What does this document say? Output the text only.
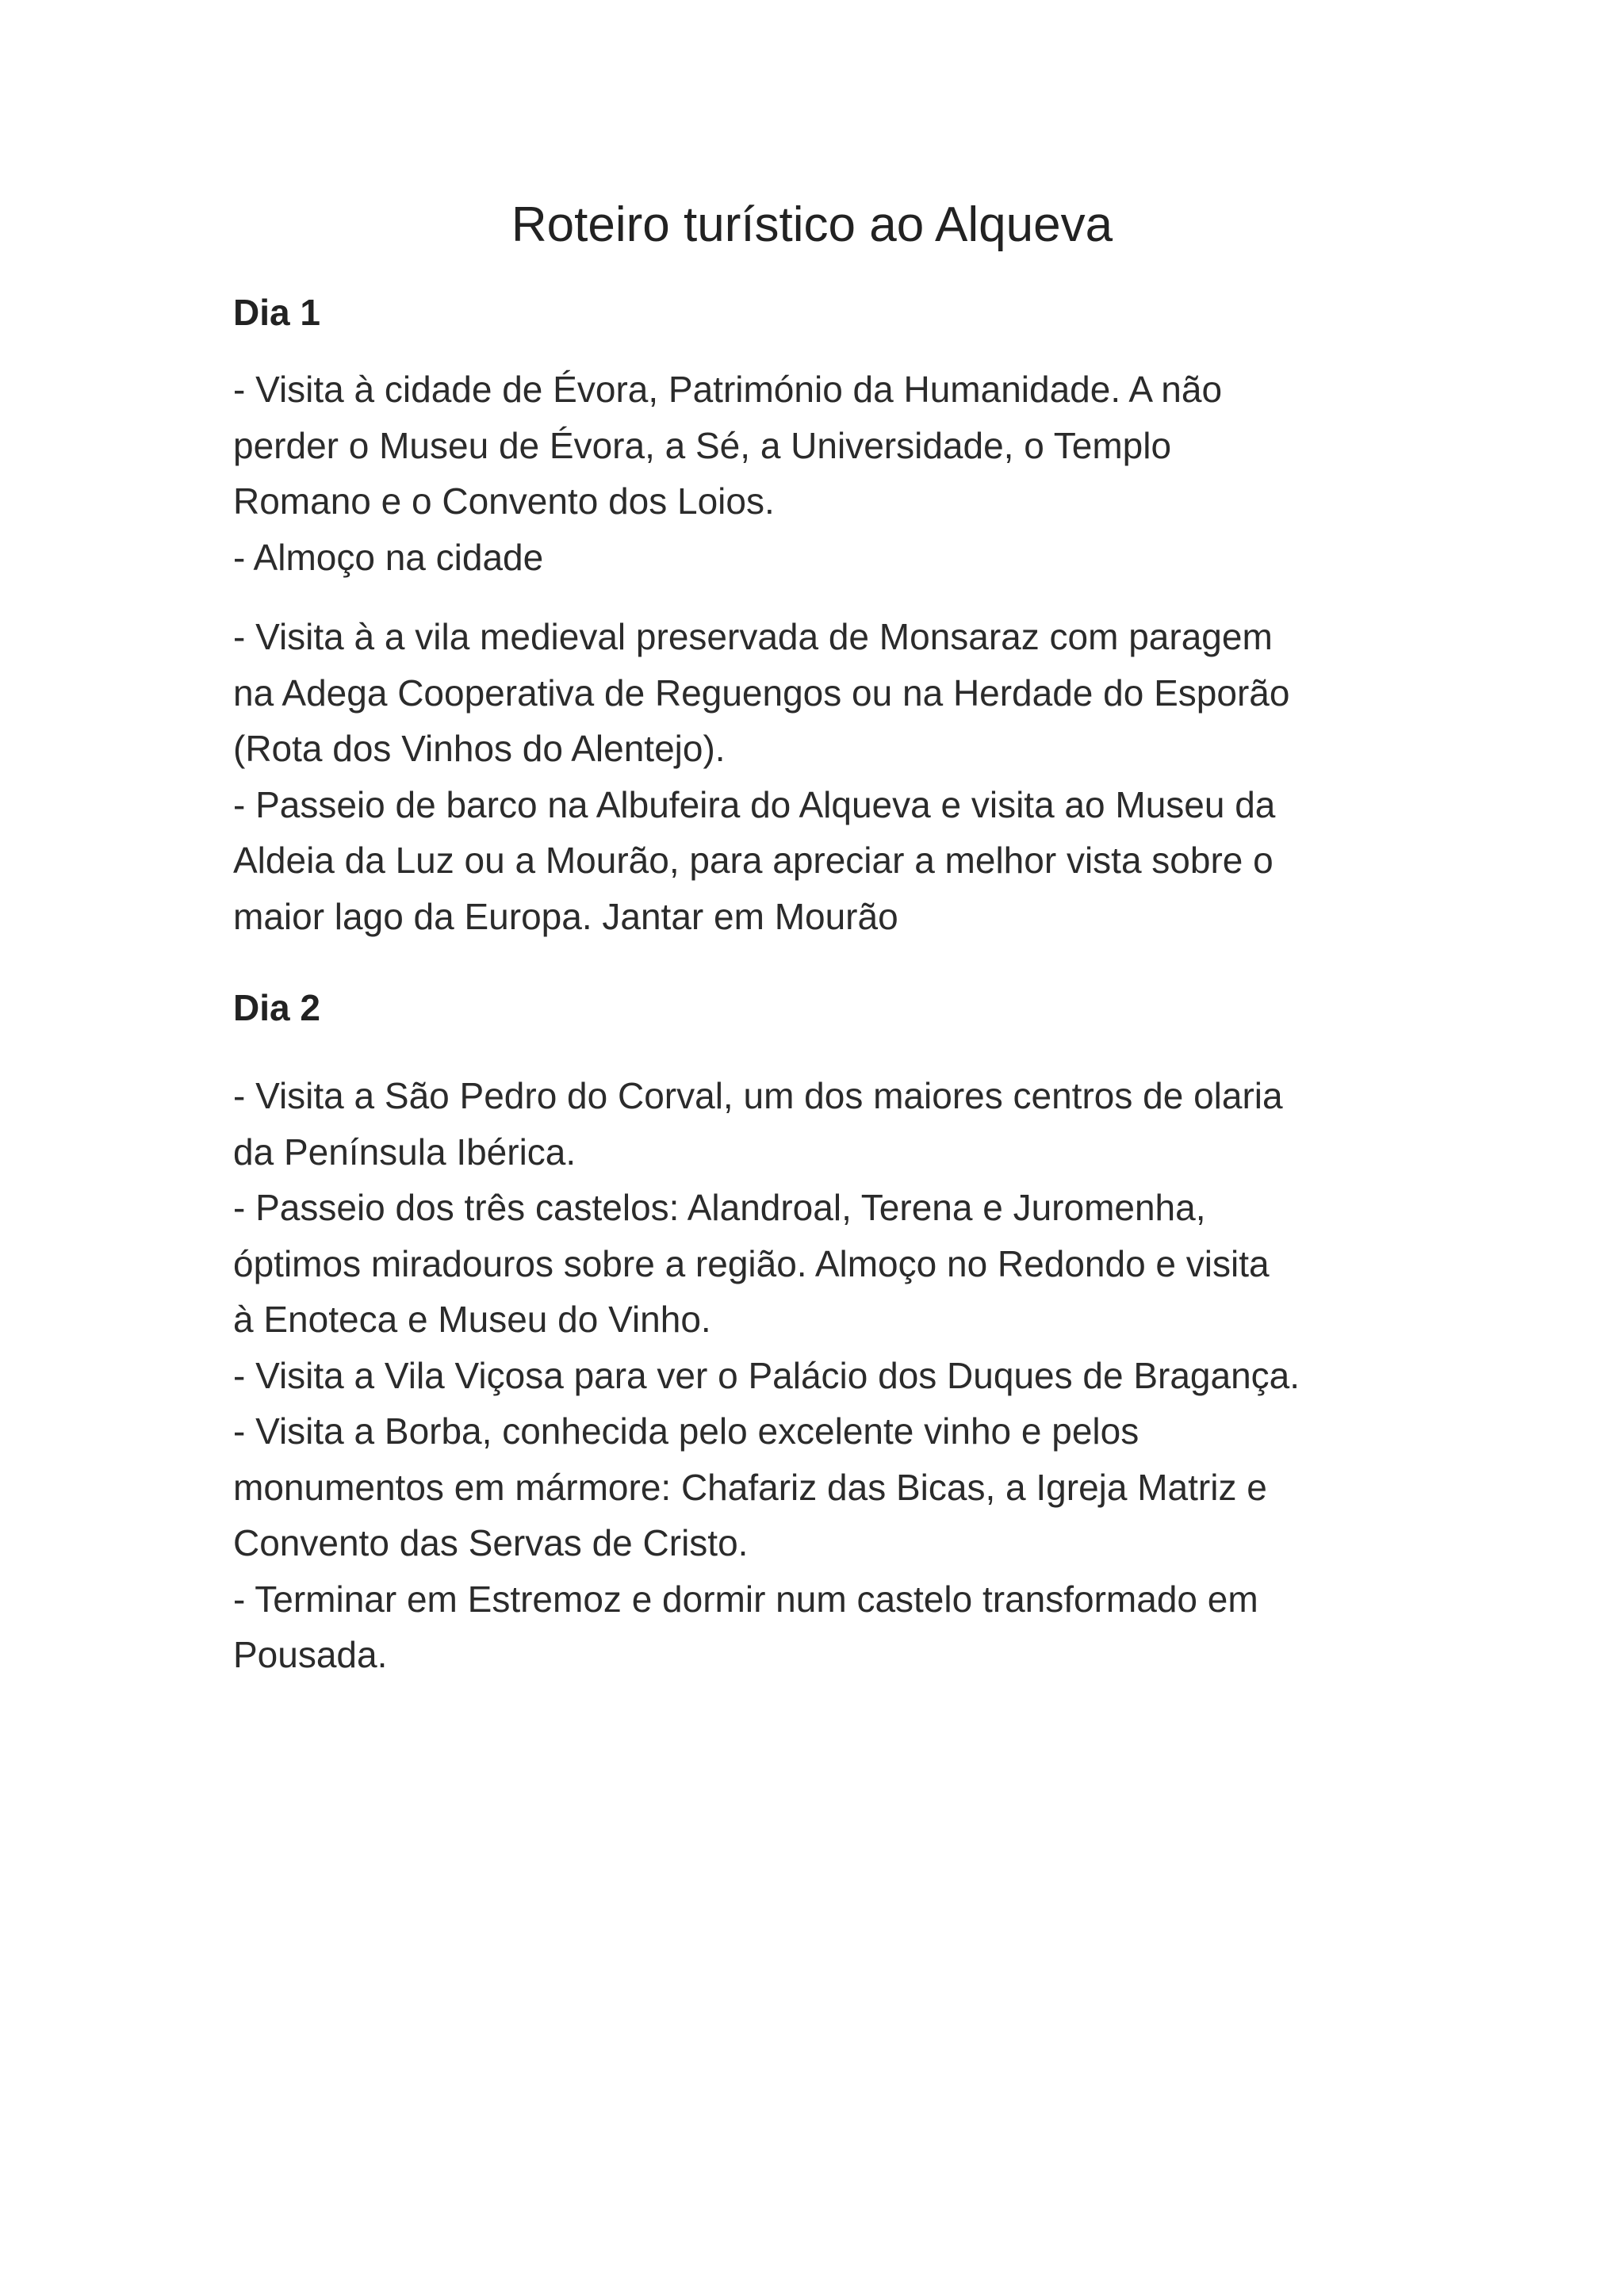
Roteiro turístico ao Alqueva

Dia 1

- Visita à cidade de Évora, Património da Humanidade. A não

perder o Museu de Évora, a Sé, a Universidade, o Templo

Romano e o Convento dos Loios.

- Almoço na cidade

- Visita à a vila medieval preservada de Monsaraz com paragem

na Adega Cooperativa de Reguengos ou na Herdade do Esporão

(Rota dos Vinhos do Alentejo).

- Passeio de barco na Albufeira do Alqueva e visita ao Museu da

Aldeia da Luz ou a Mourão, para apreciar a melhor vista sobre o

maior lago da Europa. Jantar em Mourão

Dia 2

- Visita a São Pedro do Corval, um dos maiores centros de olaria

da Península Ibérica.

- Passeio dos três castelos: Alandroal, Terena e Juromenha,

óptimos miradouros sobre a região. Almoço no Redondo e visita

à Enoteca e Museu do Vinho.

- Visita a Vila Viçosa para ver o Palácio dos Duques de Bragança.

- Visita a Borba, conhecida pelo excelente vinho e pelos

monumentos em mármore: Chafariz das Bicas, a Igreja Matriz e

Convento das Servas de Cristo.

- Terminar em Estremoz e dormir num castelo transformado em

Pousada.
